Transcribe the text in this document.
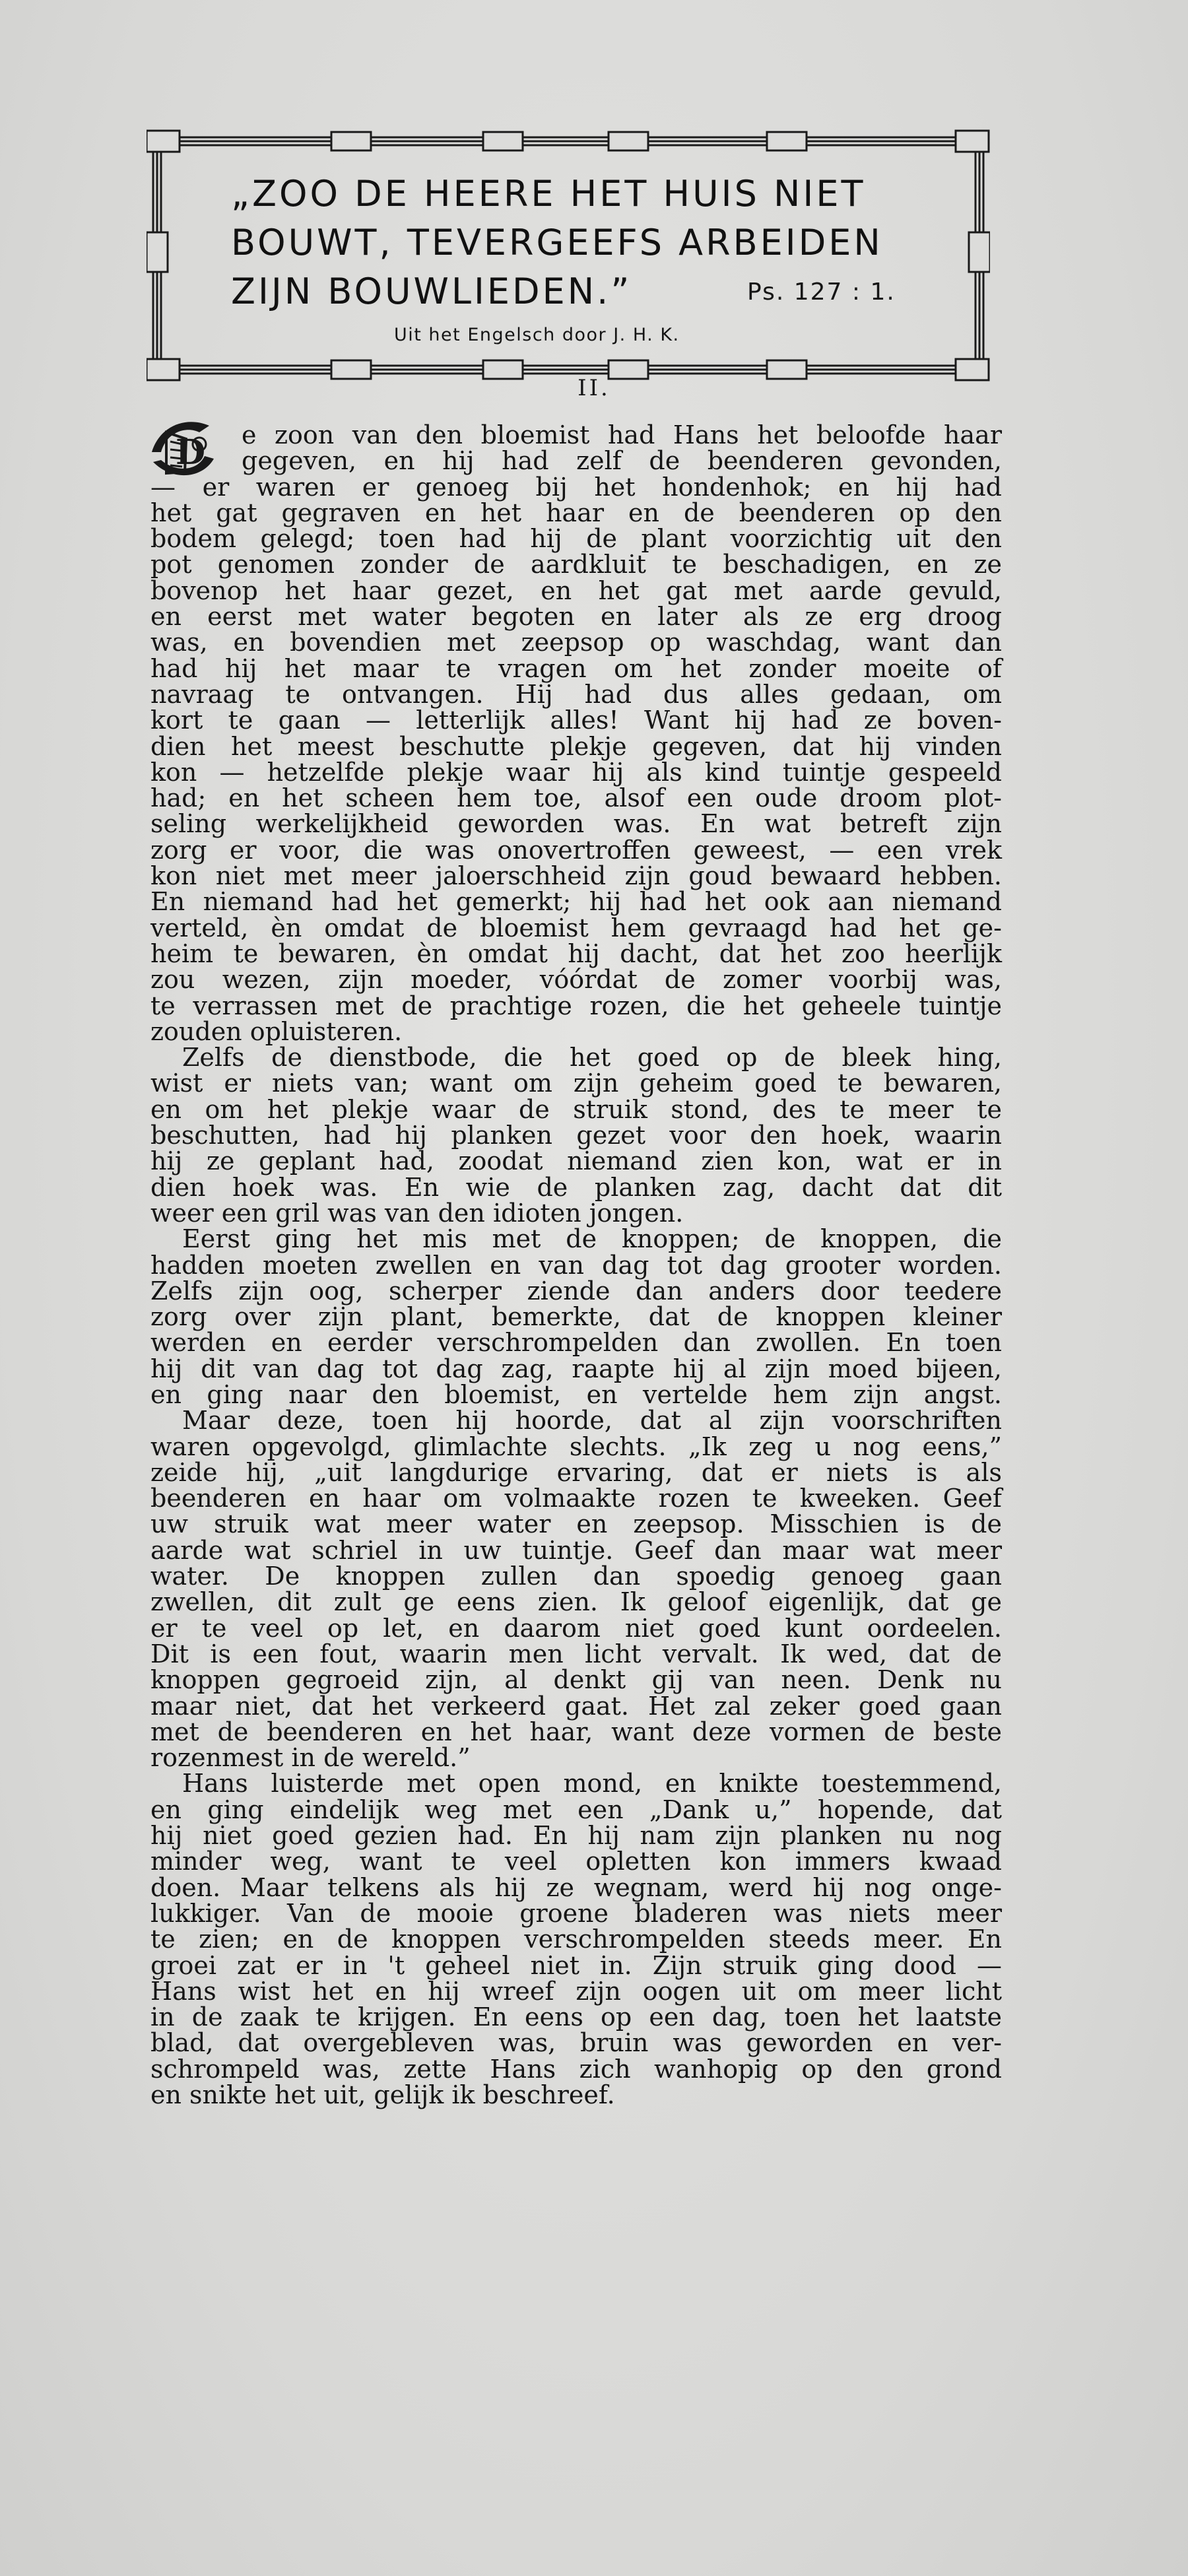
„ZOO DE HEERE HET HUIS NIET
BOUWT, TEVERGEEFS ARBEIDEN
ZIJN BOUWLIEDEN.”	Ps. 127 : 1.
Uit het Engelsch door J. H. K.
II.
D	e zoon van den bloemist had Hans het beloofde haar
gegeven, en hij had zelf de beenderen gevonden,
— er waren er genoeg bij het hondenhok; en hij had
het gat gegraven en het haar en de beenderen op den
bodem gelegd; toen had hij de plant voorzichtig uit den
pot genomen zonder de aardkluit te beschadigen, en ze
bovenop het haar gezet, en het gat met aarde gevuld,
en eerst met water begoten en later als ze erg droog
was, en bovendien met zeepsop op waschdag, want dan
had hij het maar te vragen om het zonder moeite of
navraag te ontvangen. Hij had dus alles gedaan, om
kort te gaan — letterlijk alles! Want hij had ze boven-
dien het meest beschutte plekje gegeven, dat hij vinden
kon — hetzelfde plekje waar hij als kind tuintje gespeeld
had; en het scheen hem toe, alsof een oude droom plot-
seling werkelijkheid geworden was. En wat betreft zijn
zorg er voor, die was onovertroffen geweest, — een vrek
kon niet met meer jaloerschheid zijn goud bewaard hebben.
En niemand had het gemerkt; hij had het ook aan niemand
verteld, èn omdat de bloemist hem gevraagd had het ge-
heim te bewaren, èn omdat hij dacht, dat het zoo heerlijk
zou wezen, zijn moeder, vóórdat de zomer voorbij was,
te verrassen met de prachtige rozen, die het geheele tuintje
zouden opluisteren.
Zelfs de dienstbode, die het goed op de bleek hing,
wist er niets van; want om zijn geheim goed te bewaren,
en om het plekje waar de struik stond, des te meer te
beschutten, had hij planken gezet voor den hoek, waarin
hij ze geplant had, zoodat niemand zien kon, wat er in
dien hoek was. En wie de planken zag, dacht dat dit
weer een gril was van den idioten jongen.
Eerst ging het mis met de knoppen; de knoppen, die
hadden moeten zwellen en van dag tot dag grooter worden.
Zelfs zijn oog, scherper ziende dan anders door teedere
zorg over zijn plant, bemerkte, dat de knoppen kleiner
werden en eerder verschrompelden dan zwollen. En toen
hij dit van dag tot dag zag, raapte hij al zijn moed bijeen,
en ging naar den bloemist, en vertelde hem zijn angst.
Maar deze, toen hij hoorde, dat al zijn voorschriften
waren opgevolgd, glimlachte slechts. „Ik zeg u nog eens,”
zeide hij, „uit langdurige ervaring, dat er niets is als
beenderen en haar om volmaakte rozen te kweeken. Geef
uw struik wat meer water en zeepsop. Misschien is de
aarde wat schriel in uw tuintje. Geef dan maar wat meer
water. De knoppen zullen dan spoedig genoeg gaan
zwellen, dit zult ge eens zien. Ik geloof eigenlijk, dat ge
er te veel op let, en daarom niet goed kunt oordeelen.
Dit is een fout, waarin men licht vervalt. Ik wed, dat de
knoppen gegroeid zijn, al denkt gij van neen. Denk nu
maar niet, dat het verkeerd gaat. Het zal zeker goed gaan
met de beenderen en het haar, want deze vormen de beste
rozenmest in de wereld.”
Hans luisterde met open mond, en knikte toestemmend,
en ging eindelijk weg met een „Dank u,” hopende, dat
hij niet goed gezien had. En hij nam zijn planken nu nog
minder weg, want te veel opletten kon immers kwaad
doen. Maar telkens als hij ze wegnam, werd hij nog onge-
lukkiger. Van de mooie groene bladeren was niets meer
te zien; en de knoppen verschrompelden steeds meer. En
groei zat er in 't geheel niet in. Zijn struik ging dood —
Hans wist het en hij wreef zijn oogen uit om meer licht
in de zaak te krijgen. En eens op een dag, toen het laatste
blad, dat overgebleven was, bruin was geworden en ver-
schrompeld was, zette Hans zich wanhopig op den grond
en snikte het uit, gelijk ik beschreef.
